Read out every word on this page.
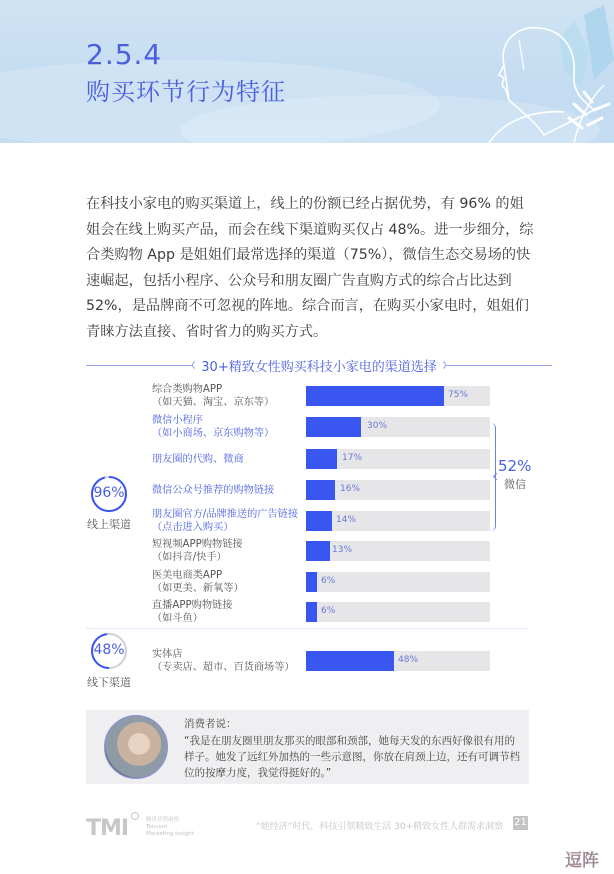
2.5.4
购买环节行为特征
在科技小家电的购买渠道上，线上的份额已经占据优势，有 96% 的姐姐会在线上购买产品，而会在线下渠道购买仅占 48%。进一步细分，综合类购物 App 是姐姐们最常选择的渠道（75%），微信生态交易场的快速崛起，包括小程序、公众号和朋友圈广告直购方式的综合占比达到 52%，是品牌商不可忽视的阵地。综合而言，在购买小家电时，姐姐们青睐方法直接、省时省力的购买方式。
30+精致女性购买科技小家电的渠道选择
96%
线上渠道
综合类购物APP
（如天猫、淘宝、京东等）
75%
微信小程序
（如小商场、京东购物等）
30%
朋友圈的代购、微商	17%
微信公众号推荐的购物链接	16%
朋友圈官方/品牌推送的广告链接
（点击进入购买）
14%
短视频APP购物链接
（如抖音/快手）
13%
医美电商类APP
（如更美、新氧等）
6%
直播APP购物链接
（如斗鱼）
6%
52%
微信
48%
线下渠道
实体店
（专卖店、超市、百货商场等）
48%
消费者说：
“我是在朋友圈里朋友那买的眼部和颈部，她每天发的东西好像很有用的样子。她发了远红外加热的一些示意图，你放在肩颈上边，还有可调节档位的按摩力度，我觉得挺好的。”
TMI	腾讯营销洞察
Tencent
Marketing Insight
“她经济”时代，科技引领精致生活 30+精致女性人群需求洞察 21
逗阵
